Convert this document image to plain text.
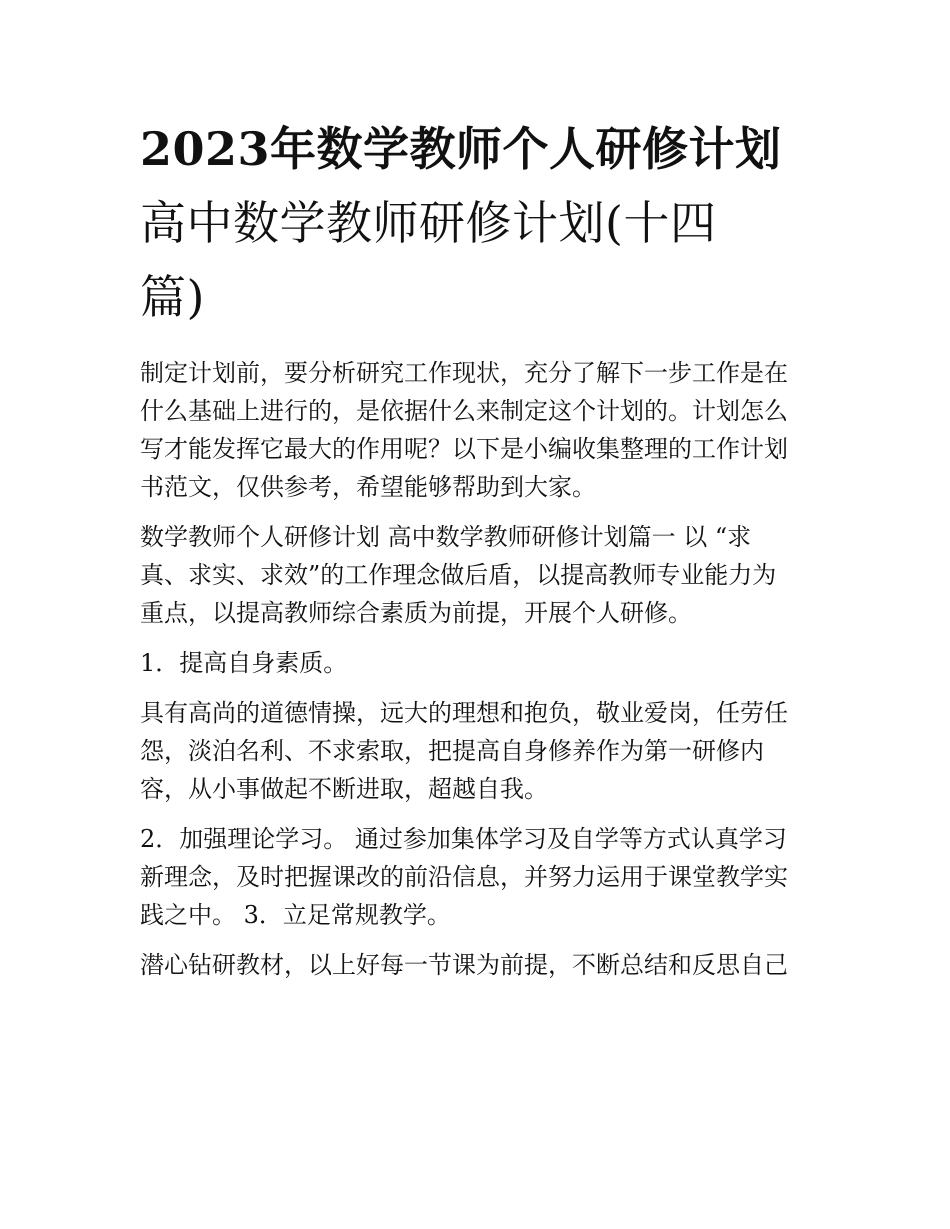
2023年数学教师个人研修计划
高中数学教师研修计划(十四
篇)
制定计划前，要分析研究工作现状，充分了解下一步工作是在
什么基础上进行的，是依据什么来制定这个计划的。计划怎么
写才能发挥它最大的作用呢？以下是小编收集整理的工作计划
书范文，仅供参考，希望能够帮助到大家。
数学教师个人研修计划 高中数学教师研修计划篇一 以 “求
真、求实、求效”的工作理念做后盾，以提高教师专业能力为
重点，以提高教师综合素质为前提，开展个人研修。
1．提高自身素质。
具有高尚的道德情操，远大的理想和抱负，敬业爱岗，任劳任
怨，淡泊名利、不求索取，把提高自身修养作为第一研修内
容，从小事做起不断进取，超越自我。
2．加强理论学习。 通过参加集体学习及自学等方式认真学习
新理念，及时把握课改的前沿信息，并努力运用于课堂教学实
践之中。 3．立足常规教学。
潜心钻研教材，以上好每一节课为前提，不断总结和反思自己
